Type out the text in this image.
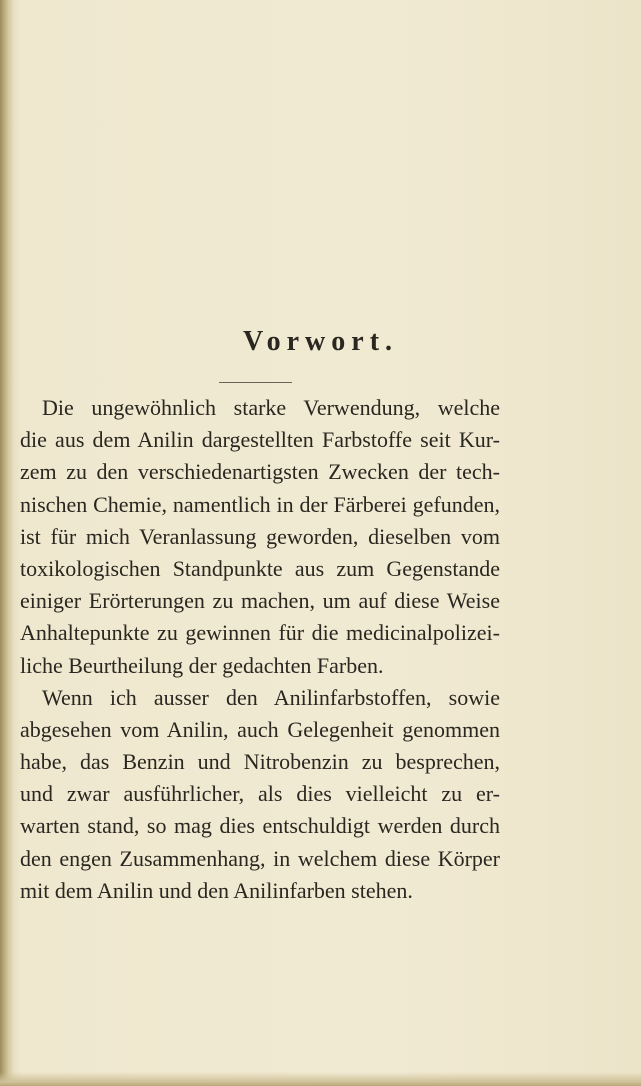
Vorwort.
Die ungewöhnlich starke Verwendung, welche
die aus dem Anilin dargestellten Farbstoffe seit Kur-
zem zu den verschiedenartigsten Zwecken der tech-
nischen Chemie, namentlich in der Färberei gefunden,
ist für mich Veranlassung geworden, dieselben vom
toxikologischen Standpunkte aus zum Gegenstande
einiger Erörterungen zu machen, um auf diese Weise
Anhaltepunkte zu gewinnen für die medicinalpolizei-
liche Beurtheilung der gedachten Farben.
Wenn ich ausser den Anilinfarbstoffen, sowie
abgesehen vom Anilin, auch Gelegenheit genommen
habe, das Benzin und Nitrobenzin zu besprechen,
und zwar ausführlicher, als dies vielleicht zu er-
warten stand, so mag dies entschuldigt werden durch
den engen Zusammenhang, in welchem diese Körper
mit dem Anilin und den Anilinfarben stehen.
